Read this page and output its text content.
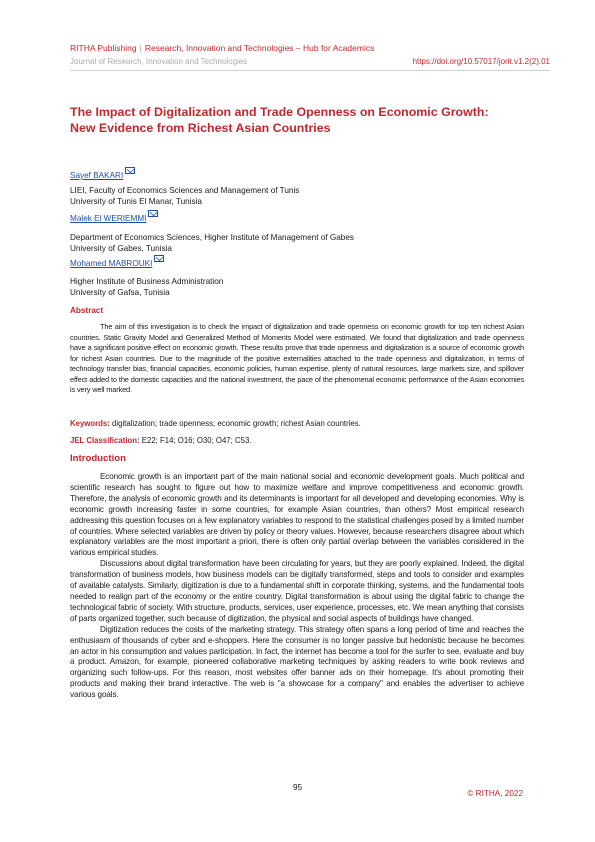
RITHA Publishing | Research, Innovation and Technologies – Hub for Academics
Journal of Research, Innovation and Technologies	https://doi.org/10.57017/jorit.v1.2(2).01
The Impact of Digitalization and Trade Openness on Economic Growth: New Evidence from Richest Asian Countries
Sayef BAKARI
LIEI, Faculty of Economics Sciences and Management of Tunis
University of Tunis El Manar, Tunisia
Malek El WERIEMMI
Department of Economics Sciences, Higher Institute of Management of Gabes
University of Gabes, Tunisia
Mohamed MABROUKI
Higher Institute of Business Administration
University of Gafsa, Tunisia
Abstract
The aim of this investigation is to check the impact of digitalization and trade openness on economic growth for top ten richest Asian countries. Static Gravity Model and Generalized Method of Moments Model were estimated. We found that digitalization and trade openness have a significant positive effect on economic growth. These results prove that trade openness and digitalization is a source of economic growth for richest Asian countries. Due to the magnitude of the positive externalities attached to the trade openness and digitalization, in terms of technology transfer bias, financial capacities, economic policies, human expertise, plenty of natural resources, large markets size, and spillover effect added to the domestic capacities and the national investment, the pace of the phenomenal economic performance of the Asian economies is very well marked.
Keywords: digitalization; trade openness; economic growth; richest Asian countries.
JEL Classification: E22; F14; O16; O30; O47; C53.
Introduction

Economic growth is an important part of the main national social and economic development goals. Much political and scientific research has sought to figure out how to maximize welfare and improve competitiveness and economic growth. Therefore, the analysis of economic growth and its determinants is important for all developed and developing economies. Why is economic growth increasing faster in some countries, for example Asian countries, than others? Most empirical research addressing this question focuses on a few explanatory variables to respond to the statistical challenges posed by a limited number of countries. Where selected variables are driven by policy or theory values. However, because researchers disagree about which explanatory variables are the most important a priori, there is often only partial overlap between the variables considered in the various empirical studies.

Discussions about digital transformation have been circulating for years, but they are poorly explained. Indeed, the digital transformation of business models, how business models can be digitally transformed, steps and tools to consider and examples of available catalysts. Similarly, digitization is due to a fundamental shift in corporate thinking, systems, and the fundamental tools needed to realign part of the economy or the entire country. Digital transformation is about using the digital fabric to change the technological fabric of society. With structure, products, services, user experience, processes, etc. We mean anything that consists of parts organized together, such because of digitization, the physical and social aspects of buildings have changed.

Digitization reduces the costs of the marketing strategy. This strategy often spans a long period of time and reaches the enthusiasm of thousands of cyber and e-shoppers. Here the consumer is no longer passive but hedonistic because he becomes an actor in his consumption and values participation. In fact, the internet has become a tool for the surfer to see, evaluate and buy a product. Amazon, for example, pioneered collaborative marketing techniques by asking readers to write book reviews and organizing such follow-ups. For this reason, most websites offer banner ads on their homepage. It's about promoting their products and making their brand interactive. The web is "a showcase for a company" and enables the advertiser to achieve various goals.

95
© RITHA, 2022
